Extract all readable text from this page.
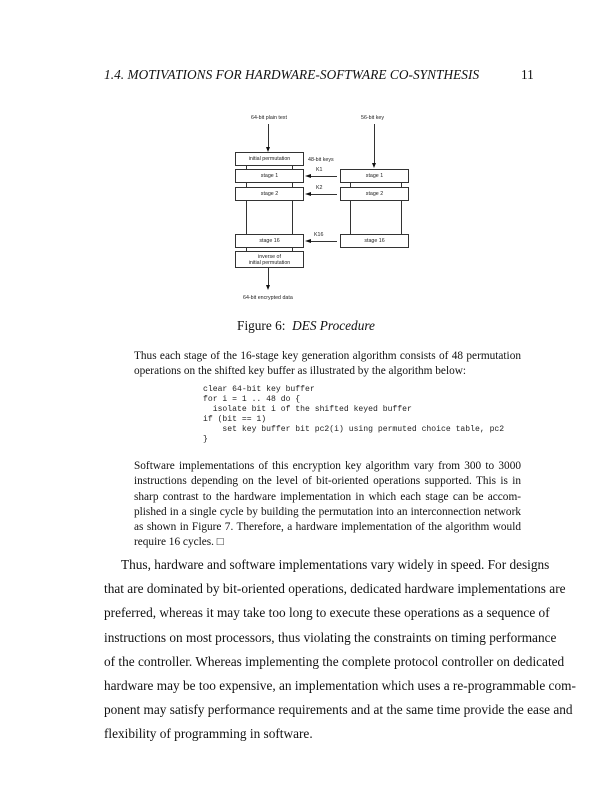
1.4. MOTIVATIONS FOR HARDWARE-SOFTWARE CO-SYNTHESIS	11
64-bit plain text	56-bit key
initial permutation
stage 1
stage 2
stage 16
inverse of
initial permutation
stage 1
stage 2
stage 16
48-bit keys
K1
K2
K16
64-bit encrypted data
Figure 6: DES Procedure
Thus each stage of the 16-stage key generation algorithm consists of 48 permutation
operations on the shifted key buffer as illustrated by the algorithm below:
clear 64-bit key buffer
for i = 1 .. 48 do {
isolate bit i of the shifted keyed buffer
if (bit == 1)
set key buffer bit pc2(i) using permuted choice table, pc2
}
Software implementations of this encryption key algorithm vary from 300 to 3000
instructions depending on the level of bit-oriented operations supported. This is in
sharp contrast to the hardware implementation in which each stage can be accom-
plished in a single cycle by building the permutation into an interconnection network
as shown in Figure 7. Therefore, a hardware implementation of the algorithm would
require 16 cycles. □
Thus, hardware and software implementations vary widely in speed. For designs
that are dominated by bit-oriented operations, dedicated hardware implementations are
preferred, whereas it may take too long to execute these operations as a sequence of
instructions on most processors, thus violating the constraints on timing performance
of the controller. Whereas implementing the complete protocol controller on dedicated
hardware may be too expensive, an implementation which uses a re-programmable com-
ponent may satisfy performance requirements and at the same time provide the ease and
flexibility of programming in software.
